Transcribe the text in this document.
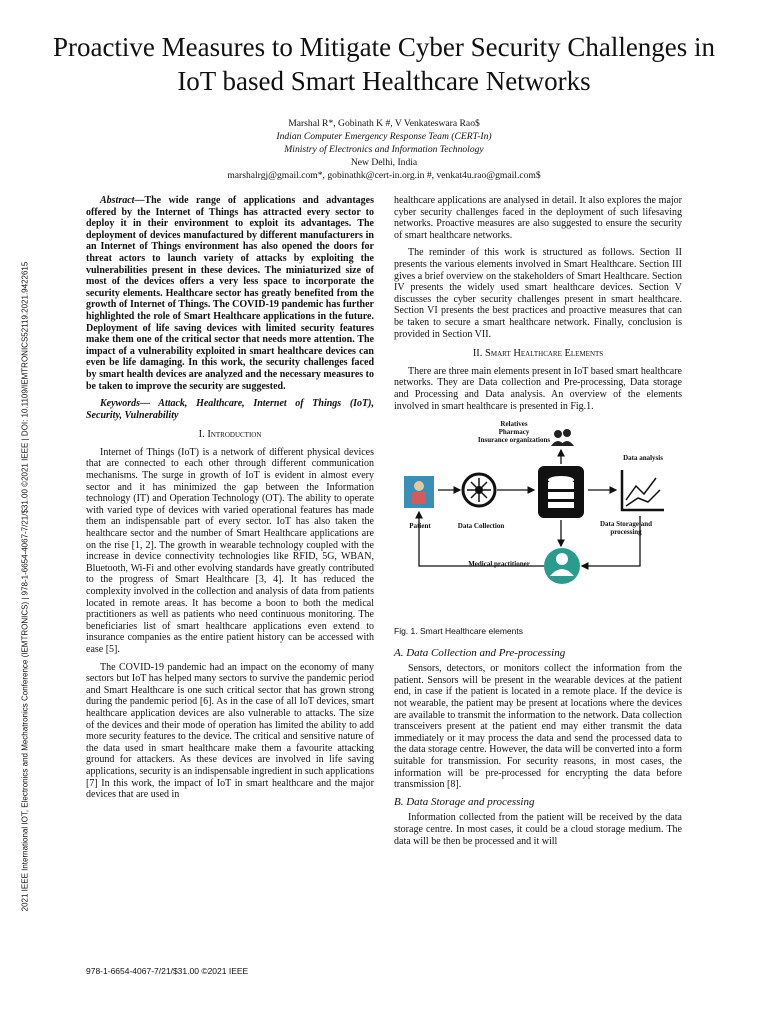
Proactive Measures to Mitigate Cyber Security Challenges in IoT based Smart Healthcare Networks
Marshal R*, Gobinath K #, V Venkateswara Rao$
Indian Computer Emergency Response Team (CERT-In)
Ministry of Electronics and Information Technology
New Delhi, India
marshalrgj@gmail.com*, gobinathk@cert-in.org.in #, venkat4u.rao@gmail.com$
2021 IEEE International IOT, Electronics and Mechatronics Conference (IEMTRONICS) | 978-1-6654-4067-7/21/$31.00 ©2021 IEEE | DOI: 10.1109/IEMTRONICS52119.2021.9422615

Abstract—The wide range of applications and advantages offered by the Internet of Things has attracted every sector to deploy it in their environment to exploit its advantages. The deployment of devices manufactured by different manufacturers in an Internet of Things environment has also opened the doors for threat actors to launch variety of attacks by exploiting the vulnerabilities present in these devices. The miniaturized size of most of the devices offers a very less space to incorporate the security elements. Healthcare sector has greatly benefited from the growth of Internet of Things. The COVID-19 pandemic has further highlighted the role of Smart Healthcare applications in the future. Deployment of life saving devices with limited security features make them one of the critical sector that needs more attention. The impact of a vulnerability exploited in smart healthcare devices can even be life damaging. In this work, the security challenges faced by smart health devices are analyzed and the necessary measures to be taken to improve the security are suggested.

Keywords— Attack, Healthcare, Internet of Things (IoT), Security, Vulnerability

I. Introduction

Internet of Things (IoT) is a network of different physical devices that are connected to each other through different communication mechanisms. The surge in growth of IoT is evident in almost every sector and it has minimized the gap between the Information technology (IT) and Operation Technology (OT). The ability to operate with varied type of devices with varied operational features has made them an indispensable part of every sector. IoT has also taken the healthcare sector and the number of Smart Healthcare applications are on the rise [1, 2]. The growth in wearable technology coupled with the increase in device connectivity technologies like RFID, 5G, WBAN, Bluetooth, Wi-Fi and other evolving standards have greatly contributed to the progress of Smart Healthcare [3, 4]. It has reduced the complexity involved in the collection and analysis of data from patients located in remote areas. It has become a boon to both the medical practitioners as well as patients who need continuous monitoring. The beneficiaries list of smart healthcare applications even extend to insurance companies as the entire patient history can be accessed with ease [5].

The COVID-19 pandemic had an impact on the economy of many sectors but IoT has helped many sectors to survive the pandemic period and Smart Healthcare is one such critical sector that has grown strong during the pandemic period [6]. As in the case of all IoT devices, smart healthcare application devices are also vulnerable to attacks. The size of the devices and their mode of operation has limited the ability to add more security features to the device. The critical and sensitive nature of the data used in smart healthcare make them a favourite attacking ground for attackers. As these devices are involved in life saving applications, security is an indispensable ingredient in such applications [7] In this work, the impact of IoT in smart healthcare and the major devices that are used in

healthcare applications are analysed in detail. It also explores the major cyber security challenges faced in the deployment of such lifesaving networks. Proactive measures are also suggested to ensure the security of smart healthcare networks.

The reminder of this work is structured as follows. Section II presents the various elements involved in Smart Healthcare. Section III gives a brief overview on the stakeholders of Smart Healthcare. Section IV presents the widely used smart healthcare devices. Section V discusses the cyber security challenges present in smart healthcare. Section VI presents the best practices and proactive measures that can be taken to secure a smart healthcare network. Finally, conclusion is provided in Section VII.

II. Smart Healthcare Elements

There are three main elements present in IoT based smart healthcare networks. They are Data collection and Pre-processing, Data storage and Processing and Data analysis. An overview of the elements involved in smart healthcare is presented in Fig.1.

Relatives
Pharmacy
Insurance organizations
Data analysis
Patient	Data Collection	Data Storage and
processing
Medical practitioner
Fig. 1. Smart Healthcare elements
A. Data Collection and Pre-processing

Sensors, detectors, or monitors collect the information from the patient. Sensors will be present in the wearable devices at the patient end, in case if the patient is located in a remote place. If the device is not wearable, the patient may be present at locations where the devices are available to transmit the information to the network. Data collection transceivers present at the patient end may either transmit the data immediately or it may process the data and send the processed data to the data storage centre. However, the data will be converted into a form suitable for transmission. For security reasons, in most cases, the information will be pre-processed for encrypting the data before transmission [8].

B. Data Storage and processing

Information collected from the patient will be received by the data storage centre. In most cases, it could be a cloud storage medium. The data will be then be processed and it will

978-1-6654-4067-7/21/$31.00 ©2021 IEEE
